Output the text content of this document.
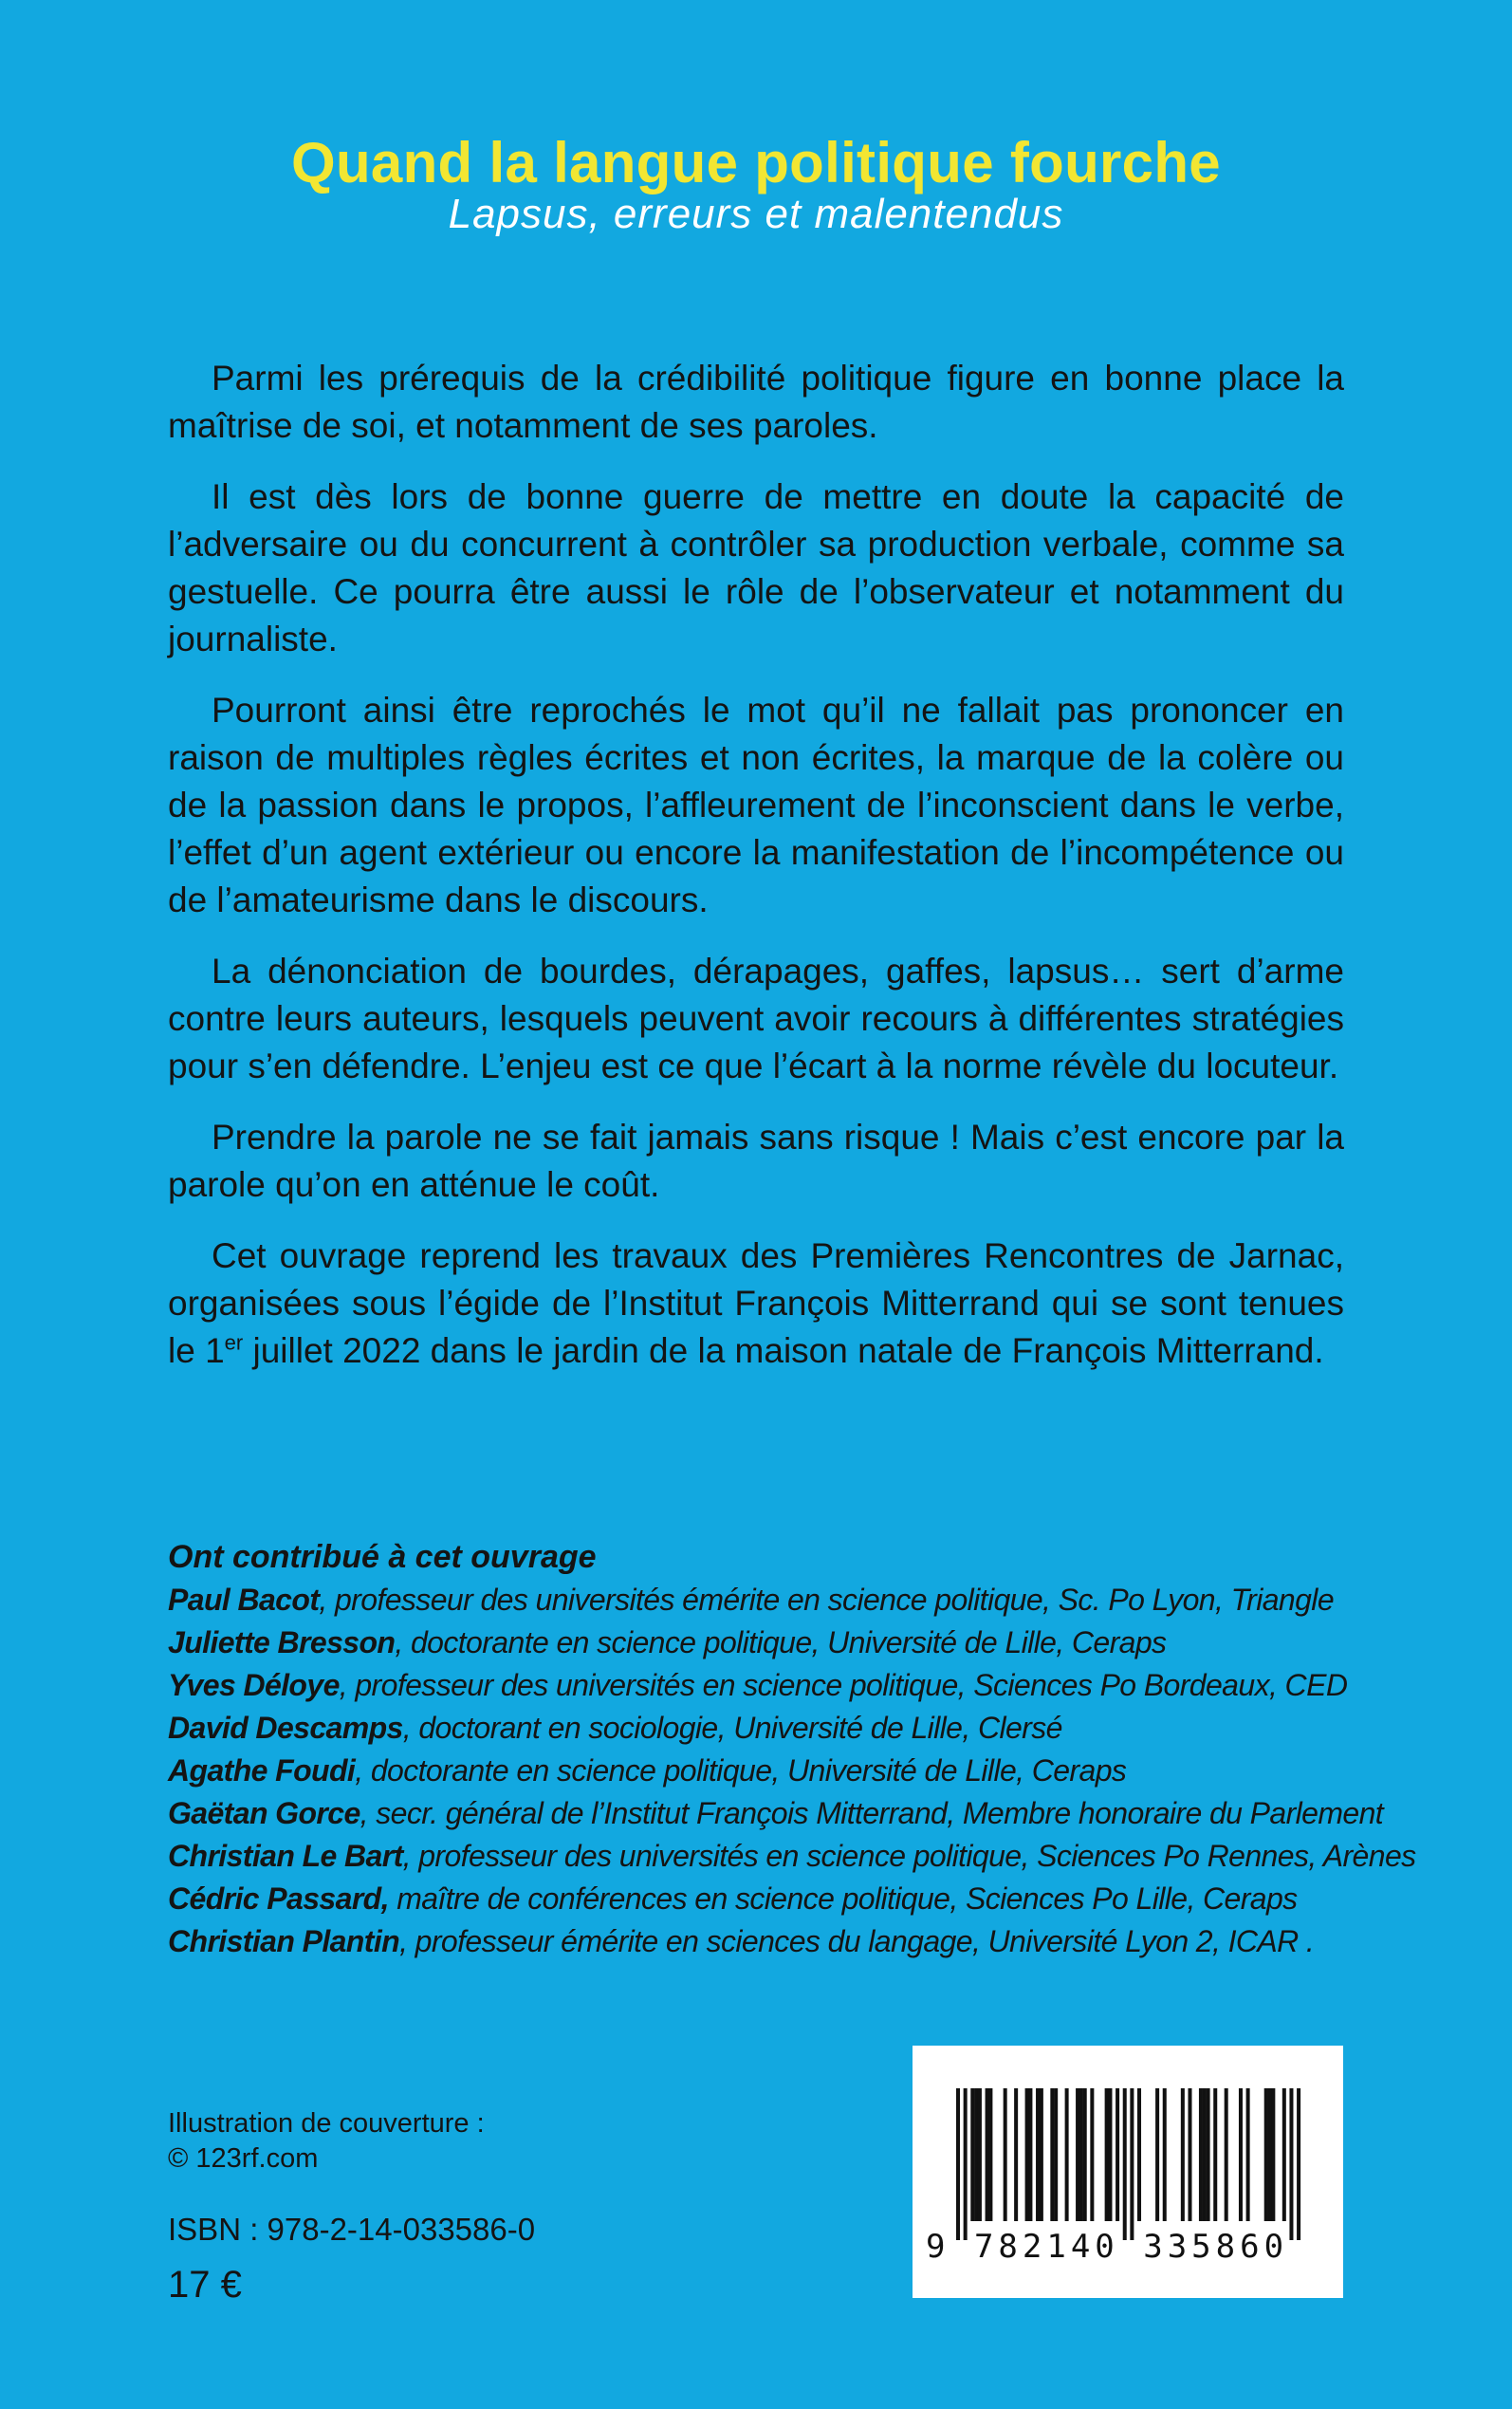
Quand la langue politique fourche
Lapsus, erreurs et malentendus

Parmi les prérequis de la crédibilité politique figure en bonne place la maîtrise de soi, et notamment de ses paroles.

Il est dès lors de bonne guerre de mettre en doute la capacité de l’adversaire ou du concurrent à contrôler sa production verbale, comme sa gestuelle. Ce pourra être aussi le rôle de l’observateur et notamment du journaliste.

Pourront ainsi être reprochés le mot qu’il ne fallait pas prononcer en raison de multiples règles écrites et non écrites, la marque de la colère ou de la passion dans le propos, l’affleurement de l’inconscient dans le verbe, l’effet d’un agent extérieur ou encore la manifestation de l’incompétence ou de l’amateurisme dans le discours.

La dénonciation de bourdes, dérapages, gaffes, lapsus… sert d’arme contre leurs auteurs, lesquels peuvent avoir recours à différentes stratégies pour s’en défendre. L’enjeu est ce que l’écart à la norme révèle du locuteur.

Prendre la parole ne se fait jamais sans risque ! Mais c’est encore par la parole qu’on en atténue le coût.

Cet ouvrage reprend les travaux des Premières Rencontres de Jarnac, organisées sous l’égide de l’Institut François Mitterrand qui se sont tenues le 1er juillet 2022 dans le jardin de la maison natale de François Mitterrand.

Ont contribué à cet ouvrage
Paul Bacot, professeur des universités émérite en science politique, Sc. Po Lyon, Triangle
Juliette Bresson, doctorante en science politique, Université de Lille, Ceraps
Yves Déloye, professeur des universités en science politique, Sciences Po Bordeaux, CED
David Descamps, doctorant en sociologie, Université de Lille, Clersé
Agathe Foudi, doctorante en science politique, Université de Lille, Ceraps
Gaëtan Gorce, secr. général de l’Institut François Mitterrand, Membre honoraire du Parlement
Christian Le Bart, professeur des universités en science politique, Sciences Po Rennes, Arènes
Cédric Passard, maître de conférences en science politique, Sciences Po Lille, Ceraps
Christian Plantin, professeur émérite en sciences du langage, Université Lyon 2, ICAR .
Illustration de couverture :
© 123rf.com
ISBN : 978-2-14-033586-0
17 €
9 782140 335860
